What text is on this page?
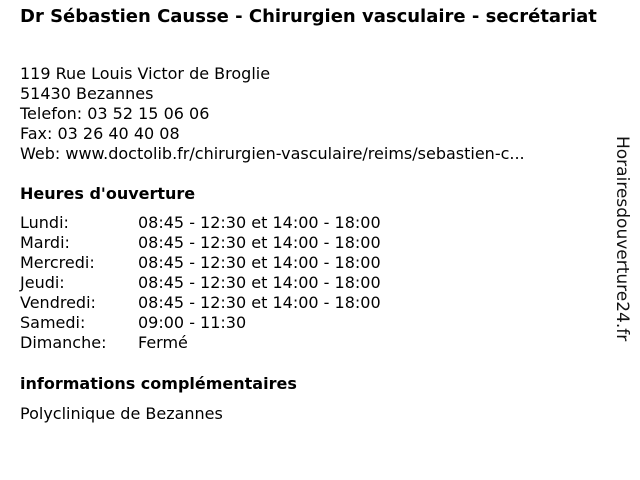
Dr Sébastien Causse - Chirurgien vasculaire - secrétariat
119 Rue Louis Victor de Broglie
51430 Bezannes
Telefon: 03 52 15 06 06
Fax: 03 26 40 40 08
Web: www.doctolib.fr/chirurgien-vasculaire/reims/sebastien-c...
Heures d'ouverture
Lundi:	08:45 - 12:30 et 14:00 - 18:00
Mardi:	08:45 - 12:30 et 14:00 - 18:00
Mercredi:	08:45 - 12:30 et 14:00 - 18:00
Jeudi:	08:45 - 12:30 et 14:00 - 18:00
Vendredi:	08:45 - 12:30 et 14:00 - 18:00
Samedi:	09:00 - 11:30
Dimanche:	Fermé
informations complémentaires
Polyclinique de Bezannes
Horairesdouverture24.fr
